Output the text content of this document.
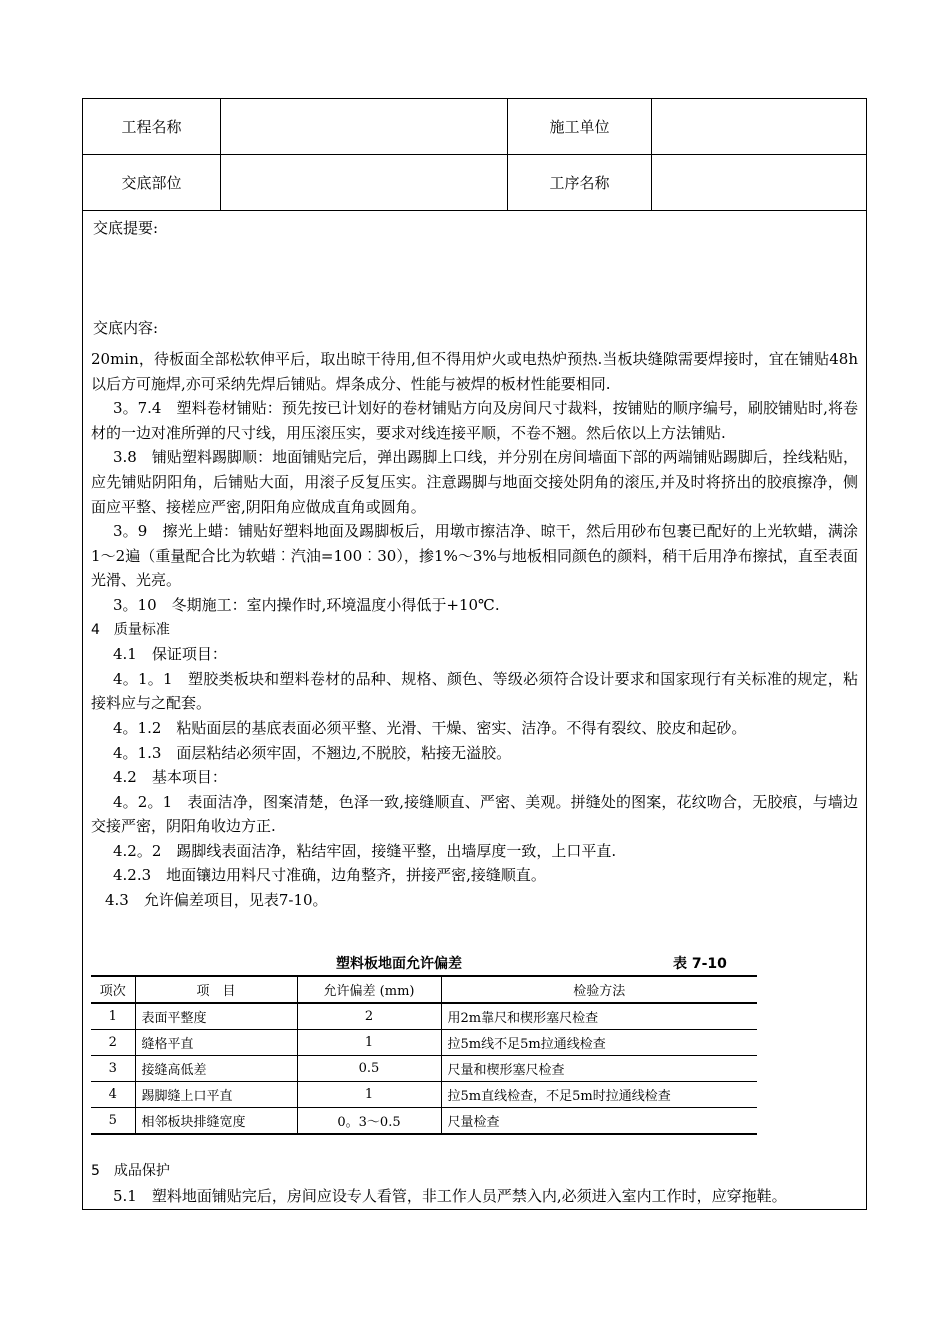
工程名称	施工单位
交底部位	工序名称
交底提要:
交底内容:

20min，待板面全部松软伸平后，取出晾干待用,但不得用炉火或电热炉预热.当板块缝隙需要焊接时，宜在铺贴48h以后方可施焊,亦可采纳先焊后铺贴。焊条成分、性能与被焊的板材性能要相同.

3。7.4　塑料卷材铺贴：预先按已计划好的卷材铺贴方向及房间尺寸裁料，按铺贴的顺序编号，刷胶铺贴时,将卷材的一边对准所弹的尺寸线，用压滚压实，要求对线连接平顺，不卷不翘。然后依以上方法铺贴.

3.8　铺贴塑料踢脚顺：地面铺贴完后，弹出踢脚上口线，并分别在房间墙面下部的两端铺贴踢脚后，拴线粘贴，应先铺贴阴阳角，后铺贴大面，用滚子反复压实。注意踢脚与地面交接处阴角的滚压,并及时将挤出的胶痕擦净，侧面应平整、接槎应严密,阴阳角应做成直角或圆角。

3。9　擦光上蜡：铺贴好塑料地面及踢脚板后，用墩市擦洁净、晾干，然后用砂布包裹已配好的上光软蜡，满涂1～2遍（重量配合比为软蜡︰汽油=100︰30），掺1%～3%与地板相同颜色的颜料，稍干后用净布擦拭，直至表面光滑、光亮。

3。10　冬期施工：室内操作时,环境温度小得低于+10℃.

4　质量标准

4.1　保证项目：

4。1。1　塑胶类板块和塑料卷材的品种、规格、颜色、等级必须符合设计要求和国家现行有关标准的规定，粘接料应与之配套。

4。1.2　粘贴面层的基底表面必须平整、光滑、干燥、密实、洁净。不得有裂纹、胶皮和起砂。

4。1.3　面层粘结必须牢固，不翘边,不脱胶，粘接无溢胶。

4.2　基本项目：

4。2。1　表面洁净，图案清楚，色泽一致,接缝顺直、严密、美观。拼缝处的图案，花纹吻合，无胶痕，与墙边交接严密，阴阳角收边方正.

4.2。2　踢脚线表面洁净，粘结牢固，接缝平整，出墙厚度一致，上口平直.

4.2.3　地面镶边用料尺寸准确，边角整齐，拼接严密,接缝顺直。

4.3　允许偏差项目，见表7-10。

塑料板地面允许偏差	表 7-10
项次	项　目	允许偏差 (mm)	检验方法
1	表面平整度	2	用2m靠尺和楔形塞尺检查
2	缝格平直	1	拉5m线不足5m拉通线检查
3	接缝高低差	0.5	尺量和楔形塞尺检查
4	踢脚缝上口平直	1	拉5m直线检查，不足5m时拉通线检查
5	相邻板块排缝宽度	0。3～0.5	尺量检查

5　成品保护

5.1　塑料地面铺贴完后，房间应设专人看管，非工作人员严禁入内,必须进入室内工作时，应穿拖鞋。
